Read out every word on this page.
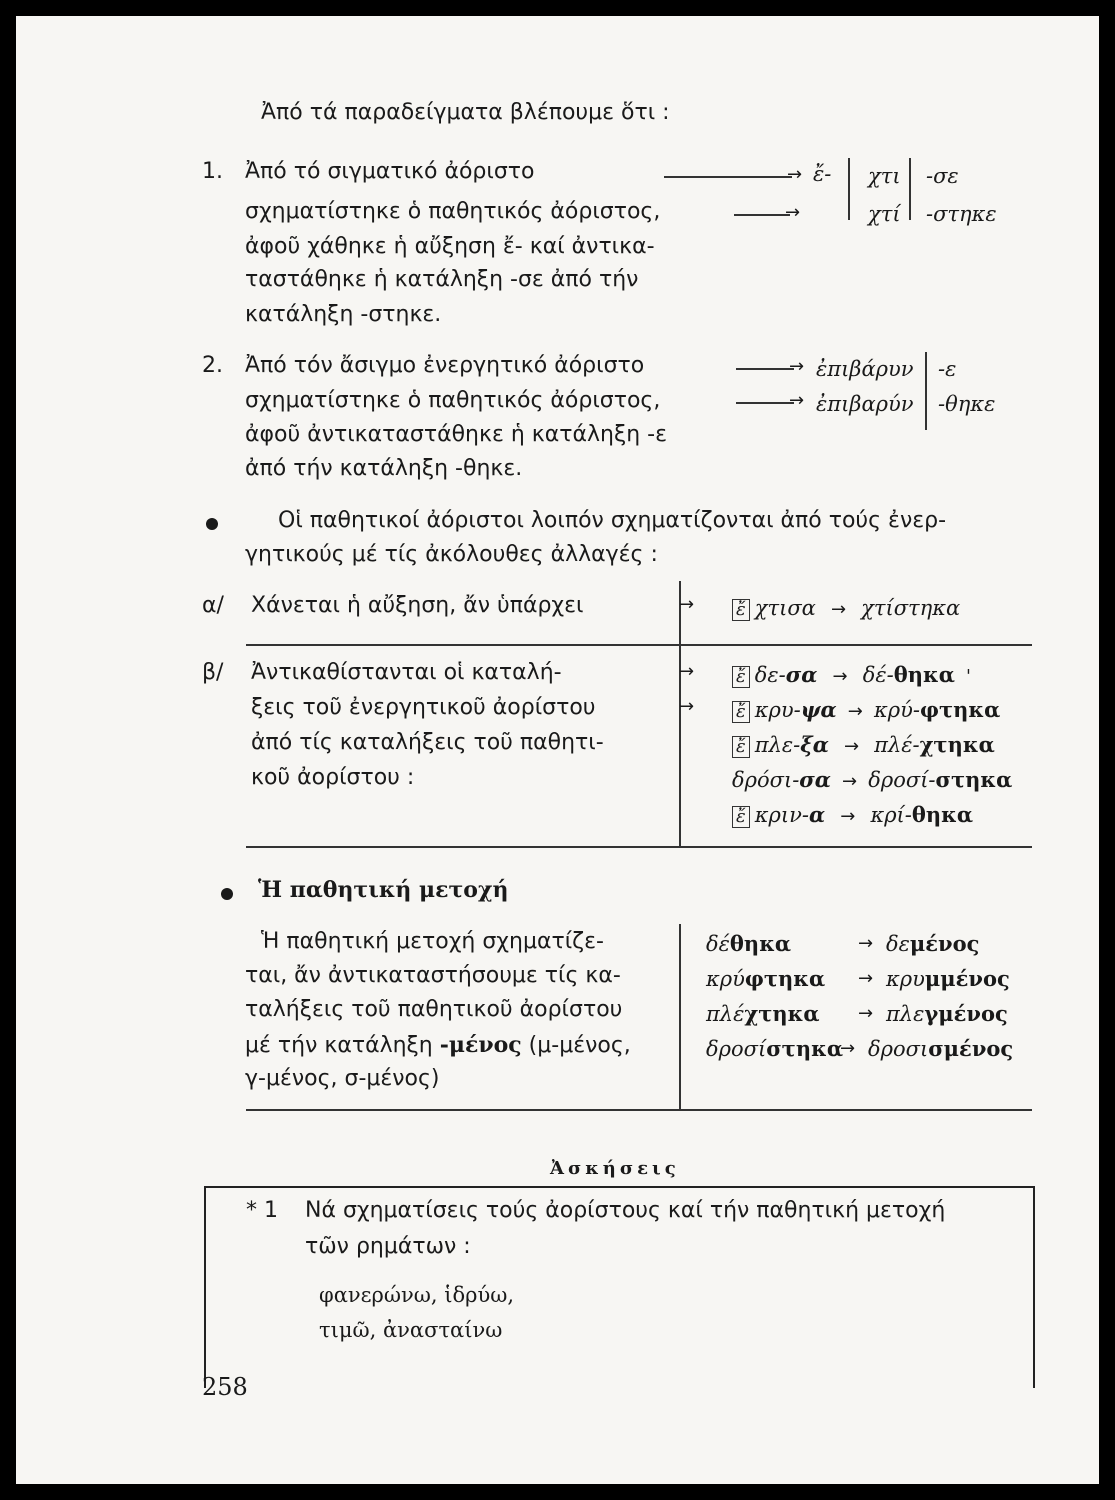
Ἀπό τά παραδείγματα βλέπουμε ὅτι :
1. Ἀπό τό σιγματικό ἀόριστο
σχηματίστηκε ὁ παθητικός ἀόριστος,
ἀφοῦ χάθηκε ἡ αὔξηση ἔ- καί ἀντικα-
ταστάθηκε ἡ κατάληξη -σε ἀπό τήν
κατάληξη -στηκε.
→
→
ἔ- χτι
χτί
-σε
-στηκε
2. Ἀπό τόν ἄσιγμο ἐνεργητικό ἀόριστο
σχηματίστηκε ὁ παθητικός ἀόριστος,
ἀφοῦ ἀντικαταστάθηκε ἡ κατάληξη -ε
ἀπό τήν κατάληξη -θηκε.
→
→
ἐπιβάρυν
ἐπιβαρύν
-ε
-θηκε
Οἱ παθητικοί ἀόριστοι λοιπόν σχηματίζονται ἀπό τούς ἐνερ-
γητικούς μέ τίς ἀκόλουθες ἀλλαγές :
α/ Χάνεται ἡ αὔξηση, ἄν ὑπάρχει	→ ἔ χτισα → χτίστηκα
β/ Ἀντικαθίστανται οἱ καταλή-
ξεις τοῦ ἐνεργητικοῦ ἀορίστου
ἀπό τίς καταλήξεις τοῦ παθητι-
κοῦ ἀορίστου :
→
→
ἔ δε-σα → δέ-θηκα '
ἔ κρυ-ψα → κρύ-φτηκα
ἔ πλε-ξα → πλέ-χτηκα
δρόσι-σα → δροσί-στηκα
ἔ κριν-α → κρί-θηκα
Ἡ παθητική μετοχή
Ἡ παθητική μετοχή σχηματίζε-
ται, ἄν ἀντικαταστήσουμε τίς κα-
ταλήξεις τοῦ παθητικοῦ ἀορίστου
μέ τήν κατάληξη -μένος (μ-μένος,
γ-μένος, σ-μένος)
δέθηκα	→ δεμένος
κρύφτηκα → κρυμμένος
πλέχτηκα → πλεγμένος
δροσίστηκα
→ δροσισμένος
Ἀσκήσεις
* 1 Νά σχηματίσεις τούς ἀορίστους καί τήν παθητική μετοχή
τῶν ρημάτων :
φανερώνω, ἱδρύω,
τιμῶ, ἀνασταίνω
258
